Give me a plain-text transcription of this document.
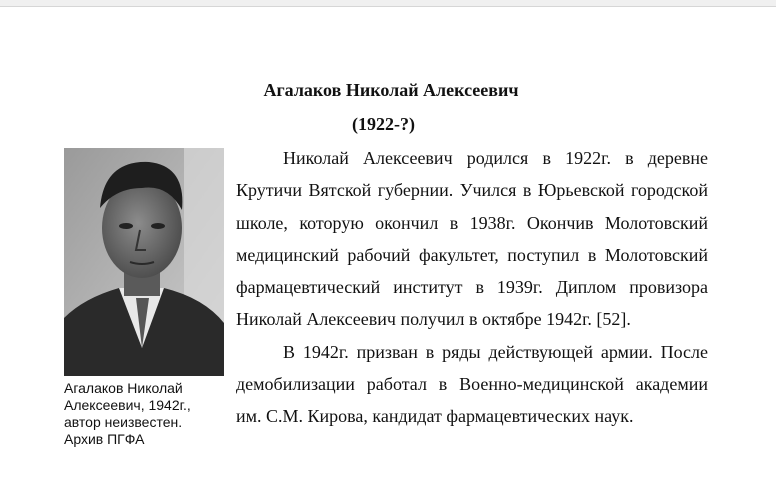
Агалаков Николай Алексеевич
(1922-?)
Агалаков Николай
Алексеевич, 1942г.,
автор неизвестен.
Архив ПГФА

Николай Алексеевич родился в 1922г. в деревне Крутичи Вятской губернии. Учился в Юрьевской городской школе, которую окончил в 1938г. Окончив Молотовский медицинский рабочий факультет, поступил в Молотовский фармацевтический институт в 1939г. Диплом провизора Николай Алексеевич получил в октябре 1942г. [52].

В 1942г. призван в ряды действующей армии. После демобилизации работал в Военно-медицинской академии им. С.М. Кирова, кандидат фармацевтических наук.
